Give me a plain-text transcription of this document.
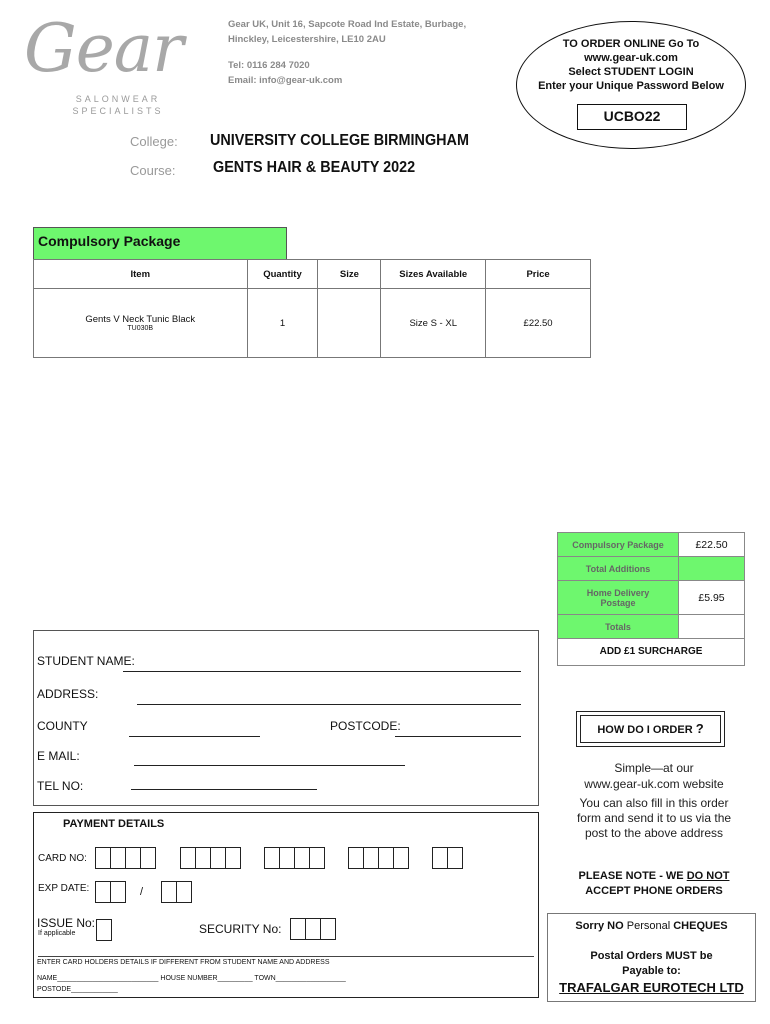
Gear
SALONWEAR
SPECIALISTS
Gear UK, Unit 16, Sapcote Road Ind Estate, Burbage,
Hinckley, Leicestershire, LE10 2AU
Tel: 0116 284 7020
Email: info@gear-uk.com
TO ORDER ONLINE Go To
www.gear-uk.com
Select STUDENT LOGIN
Enter your Unique Password Below
UCBO22
College: UNIVERSITY COLLEGE BIRMINGHAM
Course: GENTS HAIR & BEAUTY 2022
Compulsory Package
Item	Quantity	Size	Sizes Available	Price
Gents V Neck Tunic Black
TU030B	1		Size S - XL	£22.50
Compulsory Package	£22.50
Total Additions	

Home Delivery
Postage	£5.95
Totals	
ADD £1 SURCHARGE
STUDENT NAME:
ADDRESS:
COUNTY	POSTCODE:
E MAIL:
TEL NO:
PAYMENT DETAILS
CARD NO:
EXP DATE:	/
ISSUE No:
If applicable	SECURITY No:
ENTER CARD HOLDERS DETAILS IF DIFFERENT FROM STUDENT NAME AND ADDRESS
NAME__________________________ HOUSE NUMBER_________ TOWN__________________
POSTODE____________
HOW DO I ORDER ?
Simple—at our
www.gear-uk.com website
You can also fill in this order
form and send it to us via the
post to the above address
PLEASE NOTE - WE DO NOT
ACCEPT PHONE ORDERS
Sorry NO Personal CHEQUES
Postal Orders MUST be
Payable to:
TRAFALGAR EUROTECH LTD
